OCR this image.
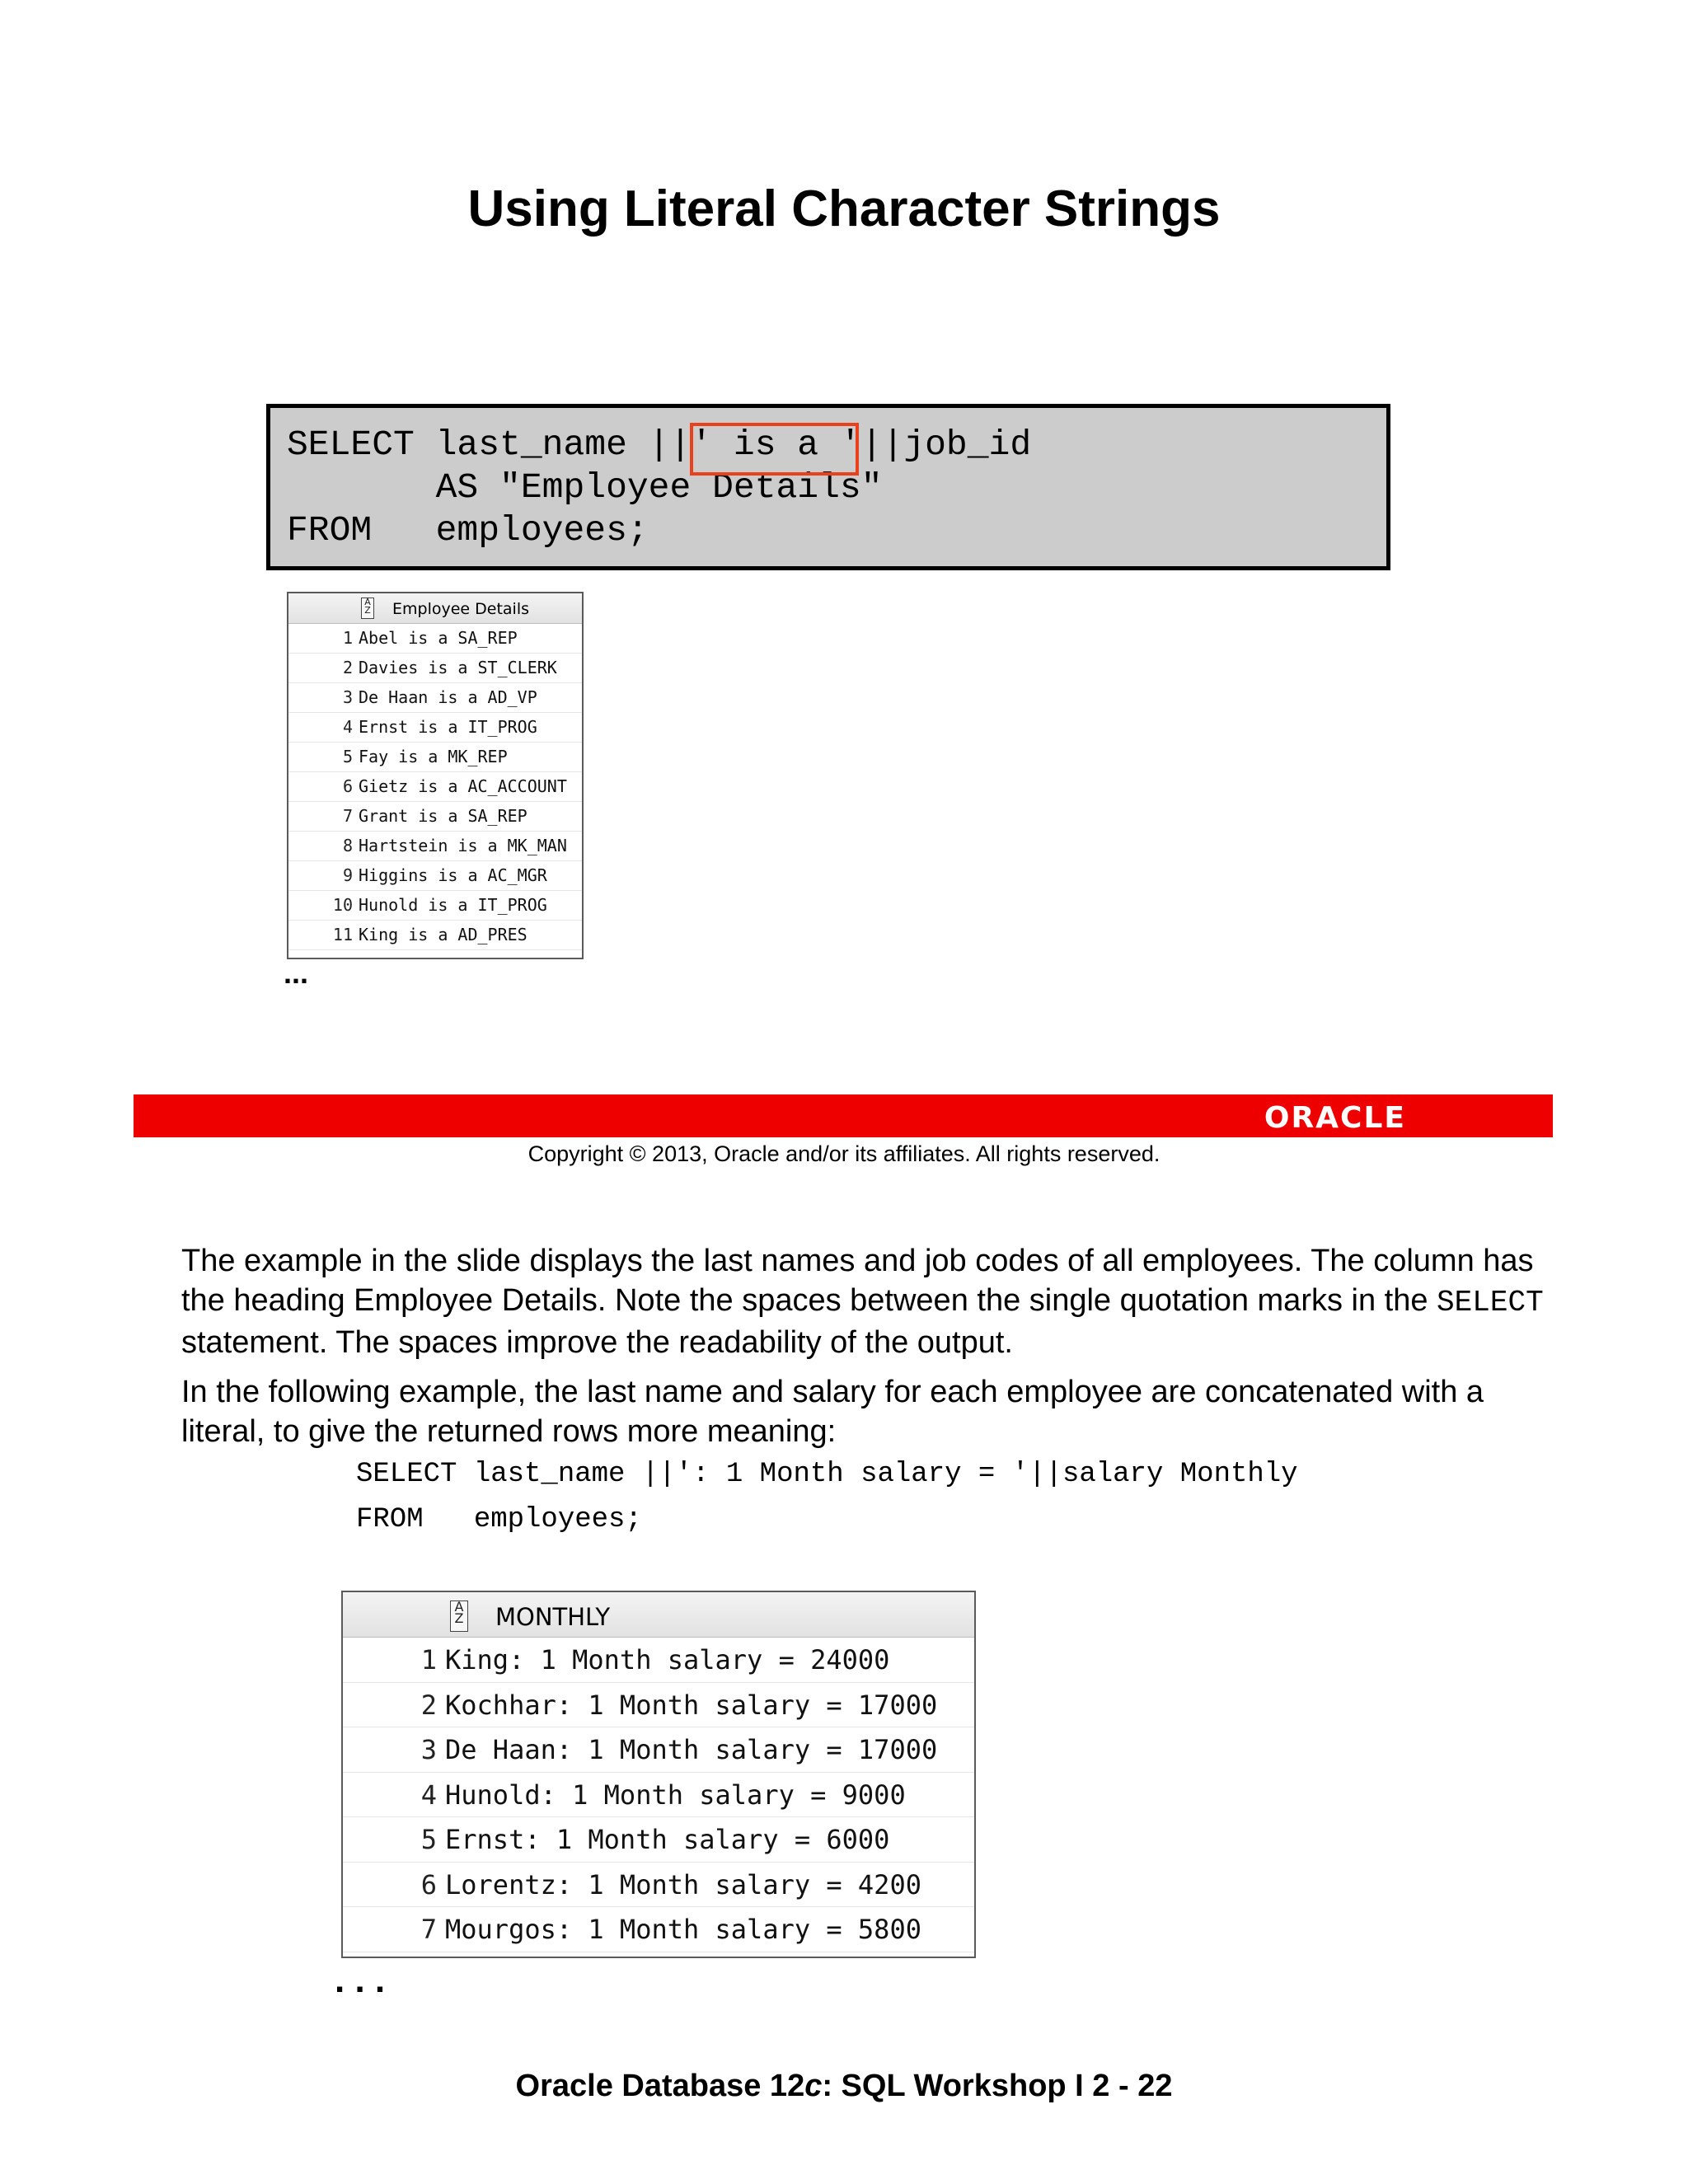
Using Literal Character Strings
SELECT last_name ||' is a '||job_id
AS "Employee Details"
FROM   employees;
A
Z Employee Details
1 Abel is a SA_REP
2 Davies is a ST_CLERK
3 De Haan is a AD_VP
4 Ernst is a IT_PROG
5 Fay is a MK_REP
6 Gietz is a AC_ACCOUNT
7 Grant is a SA_REP
8 Hartstein is a MK_MAN
9 Higgins is a AC_MGR
10 Hunold is a IT_PROG
11 King is a AD_PRES
...
ORACLE
Copyright © 2013, Oracle and/or its affiliates. All rights reserved.
The example in the slide displays the last names and job codes of all employees. The column has the heading Employee Details. Note the spaces between the single quotation marks in the SELECT statement. The spaces improve the readability of the output.
In the following example, the last name and salary for each employee are concatenated with a literal, to give the returned rows more meaning:
SELECT last_name ||': 1 Month salary = '||salary Monthly
FROM   employees;
A
Z MONTHLY
1 King: 1 Month salary = 24000
2 Kochhar: 1 Month salary = 17000
3 De Haan: 1 Month salary = 17000
4 Hunold: 1 Month salary = 9000
5 Ernst: 1 Month salary = 6000
6 Lorentz: 1 Month salary = 4200
7 Mourgos: 1 Month salary = 5800
. . .
Oracle Database 12c: SQL Workshop I 2 - 22
